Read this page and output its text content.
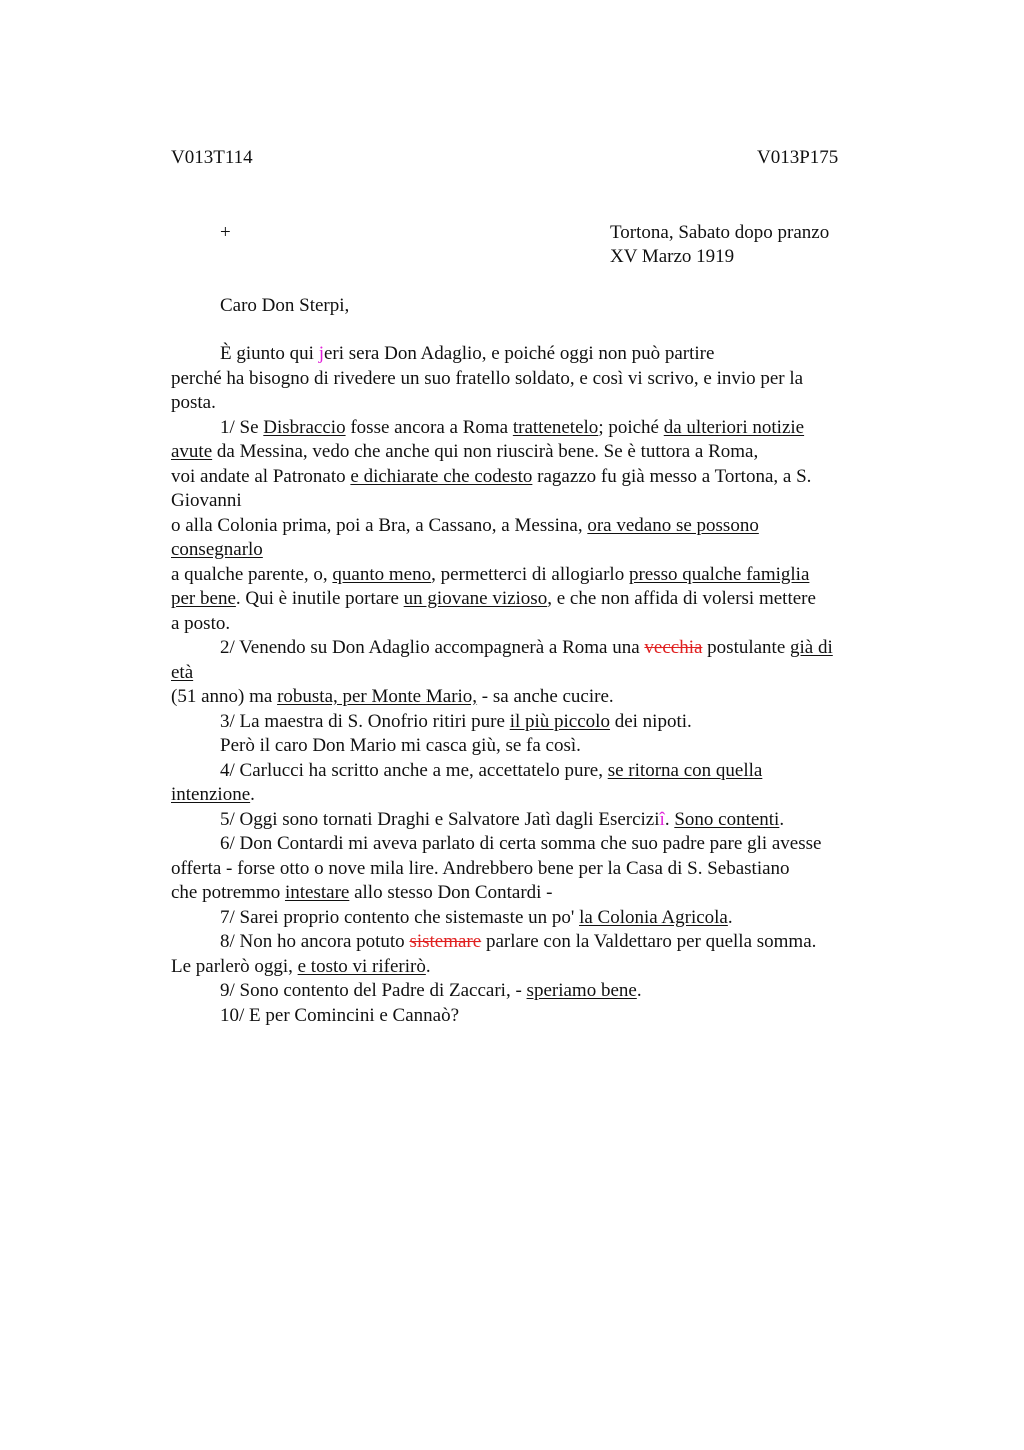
V013T114	V013P175
+	Tortona, Sabato dopo pranzo
XV Marzo 1919
Caro Don Sterpi,
È giunto qui jeri sera Don Adaglio, e poiché oggi non può partire
perché ha bisogno di rivedere un suo fratello soldato, e così vi scrivo, e invio per la
posta.
1/ Se Disbraccio fosse ancora a Roma trattenetelo; poiché da ulteriori notizie
avute da Messina, vedo che anche qui non riuscirà bene. Se è tuttora a Roma,
voi andate al Patronato e dichiarate che codesto ragazzo fu già messo a Tortona, a S.
Giovanni
o alla Colonia prima, poi a Bra, a Cassano, a Messina, ora vedano se possono
consegnarlo
a qualche parente, o, quanto meno, permetterci di allogiarlo presso qualche famiglia
per bene. Qui è inutile portare un giovane vizioso, e che non affida di volersi mettere
a posto.
2/ Venendo su Don Adaglio accompagnerà a Roma una vecchia postulante già di
età
(51 anno) ma robusta, per Monte Mario, - sa anche cucire.
3/ La maestra di S. Onofrio ritiri pure il più piccolo dei nipoti.
Però il caro Don Mario mi casca giù, se fa così.
4/ Carlucci ha scritto anche a me, accettatelo pure, se ritorna con quella
intenzione.
5/ Oggi sono tornati Draghi e Salvatore Jatì dagli Eserciziî. Sono contenti.
6/ Don Contardi mi aveva parlato di certa somma che suo padre pare gli avesse
offerta - forse otto o nove mila lire. Andrebbero bene per la Casa di S. Sebastiano
che potremmo intestare allo stesso Don Contardi -
7/ Sarei proprio contento che sistemaste un po' la Colonia Agricola.
8/ Non ho ancora potuto sistemare parlare con la Valdettaro per quella somma.
Le parlerò oggi, e tosto vi riferirò.
9/ Sono contento del Padre di Zaccari, - speriamo bene.
10/ E per Comincini e Cannaò?
